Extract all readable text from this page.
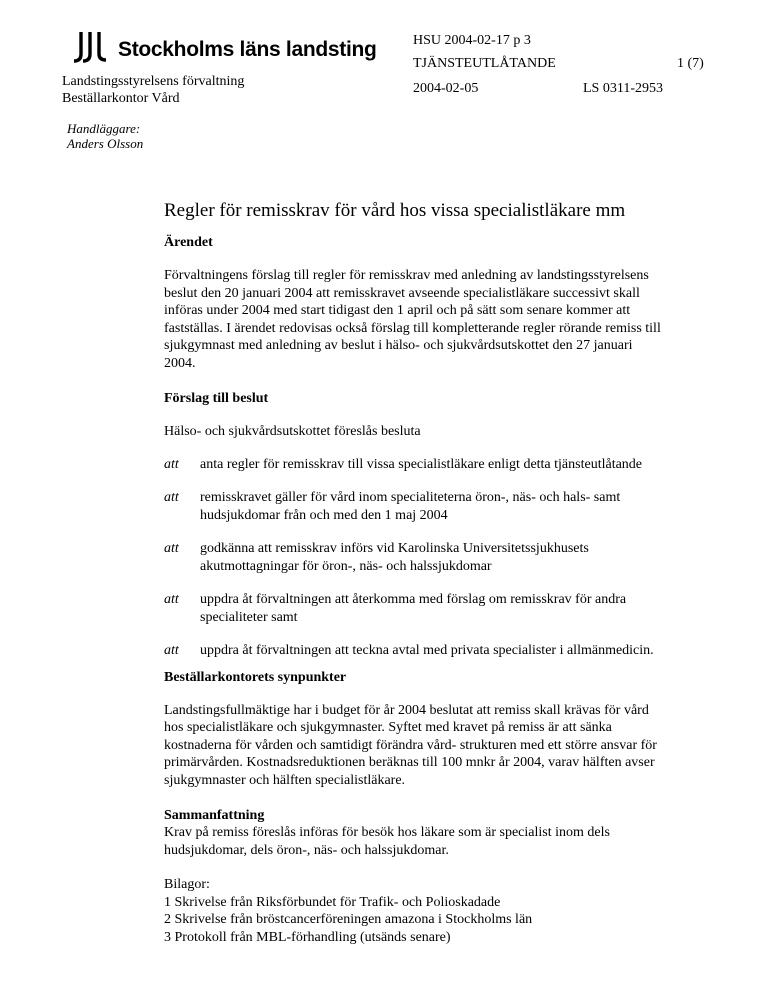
Stockholms läns landsting
Landstingsstyrelsens förvaltning
Beställarkontor Vård
Handläggare:
Anders Olsson
HSU 2004-02-17 p 3
TJÄNSTEUTLÅTANDE	1 (7)
2004-02-05	LS 0311-2953
Regler för remisskrav för vård hos vissa specialistläkare mm
Ärendet

Förvaltningens förslag till regler för remisskrav med anledning av landstingsstyrelsens beslut den 20 januari 2004 att remisskravet avseende specialistläkare successivt skall införas under 2004 med start tidigast den 1 april och på sätt som senare kommer att fastställas. I ärendet redovisas också förslag till kompletterande regler rörande remiss till sjukgymnast med anledning av beslut i hälso- och sjukvårdsutskottet den 27 januari 2004.

Förslag till beslut

Hälso- och sjukvårdsutskottet föreslås besluta

att	anta regler för remisskrav till vissa specialistläkare enligt detta tjänsteutlåtande
att	remisskravet gäller för vård inom specialiteterna öron-, näs- och hals- samt hudsjukdomar från och med den 1 maj 2004
att	godkänna att remisskrav införs vid Karolinska Universitetssjukhusets akutmottagningar för öron-, näs- och halssjukdomar
att	uppdra åt förvaltningen att återkomma med förslag om remisskrav för andra specialiteter samt
att	uppdra åt förvaltningen att teckna avtal med privata specialister i allmänmedicin.
Beställarkontorets synpunkter

Landstingsfullmäktige har i budget för år 2004 beslutat att remiss skall krävas för vård hos specialistläkare och sjukgymnaster. Syftet med kravet på remiss är att sänka kostnaderna för vården och samtidigt förändra vård- strukturen med ett större ansvar för primärvården. Kostnadsreduktionen beräknas till 100 mnkr år 2004, varav hälften avser sjukgymnaster och hälften specialistläkare.

Sammanfattning

Krav på remiss föreslås införas för besök hos läkare som är specialist inom dels hudsjukdomar, dels öron-, näs- och halssjukdomar.

Bilagor:

1 Skrivelse från Riksförbundet för Trafik- och Polioskadade

2 Skrivelse från bröstcancerföreningen amazona i Stockholms län

3 Protokoll från MBL-förhandling (utsänds senare)
